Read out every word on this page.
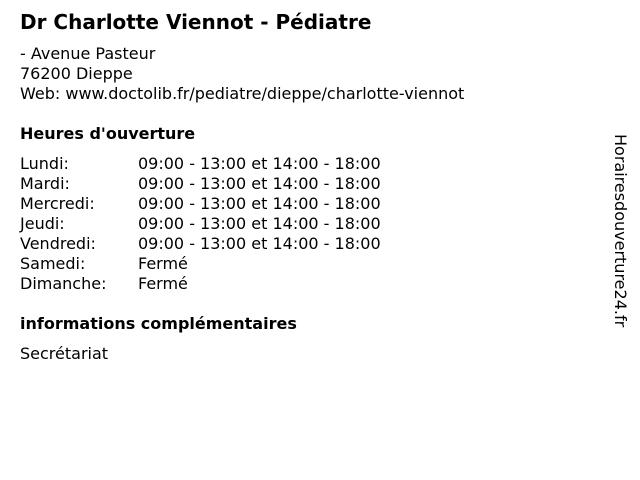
Dr Charlotte Viennot - Pédiatre
- Avenue Pasteur
76200 Dieppe
Web: www.doctolib.fr/pediatre/dieppe/charlotte-viennot
Heures d'ouverture
Lundi:	09:00 - 13:00 et 14:00 - 18:00
Mardi:	09:00 - 13:00 et 14:00 - 18:00
Mercredi:	09:00 - 13:00 et 14:00 - 18:00
Jeudi:	09:00 - 13:00 et 14:00 - 18:00
Vendredi:	09:00 - 13:00 et 14:00 - 18:00
Samedi:	Fermé
Dimanche: Fermé
informations complémentaires
Secrétariat
Horairesdouverture24.fr
